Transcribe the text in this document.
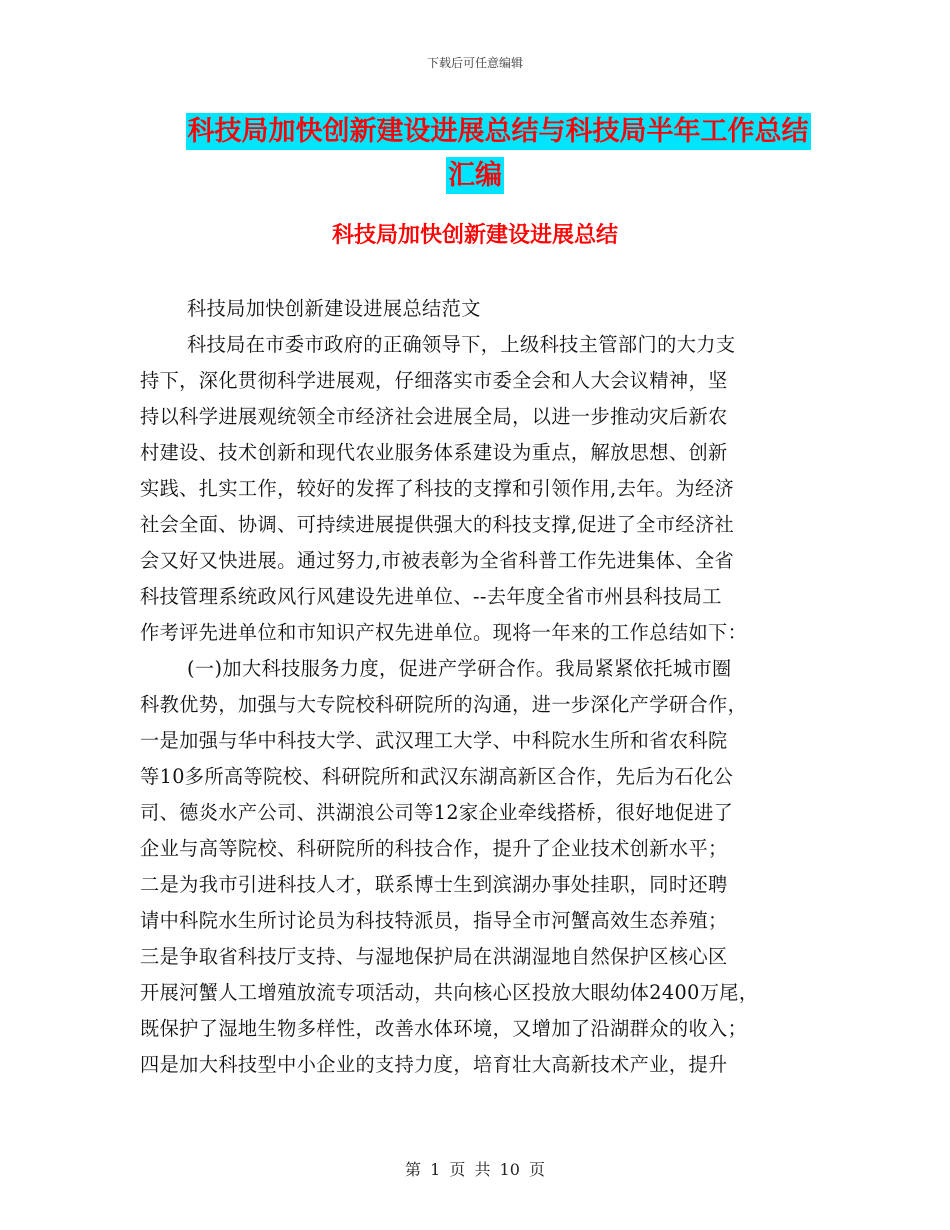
下载后可任意编辑
科技局加快创新建设进展总结与科技局半年工作总结
汇编
科技局加快创新建设进展总结
科技局加快创新建设进展总结范文
科技局在市委市政府的正确领导下，上级科技主管部门的大力支
持下，深化贯彻科学进展观，仔细落实市委全会和人大会议精神，坚
持以科学进展观统领全市经济社会进展全局，以进一步推动灾后新农
村建设、技术创新和现代农业服务体系建设为重点，解放思想、创新
实践、扎实工作，较好的发挥了科技的支撑和引领作用,去年。为经济
社会全面、协调、可持续进展提供强大的科技支撑,促进了全市经济社
会又好又快进展。通过努力,市被表彰为全省科普工作先进集体、全省
科技管理系统政风行风建设先进单位、--去年度全省市州县科技局工
作考评先进单位和市知识产权先进单位。现将一年来的工作总结如下：
(一)加大科技服务力度，促进产学研合作。我局紧紧依托城市圈
科教优势，加强与大专院校科研院所的沟通，进一步深化产学研合作，
一是加强与华中科技大学、武汉理工大学、中科院水生所和省农科院
等10多所高等院校、科研院所和武汉东湖高新区合作，先后为石化公
司、德炎水产公司、洪湖浪公司等12家企业牵线搭桥，很好地促进了
企业与高等院校、科研院所的科技合作，提升了企业技术创新水平；
二是为我市引进科技人才，联系博士生到滨湖办事处挂职，同时还聘
请中科院水生所讨论员为科技特派员，指导全市河蟹高效生态养殖；
三是争取省科技厅支持、与湿地保护局在洪湖湿地自然保护区核心区
开展河蟹人工增殖放流专项活动，共向核心区投放大眼幼体2400万尾，
既保护了湿地生物多样性，改善水体环境，又增加了沿湖群众的收入；
四是加大科技型中小企业的支持力度，培育壮大高新技术产业，提升
第 1 页 共 10 页
